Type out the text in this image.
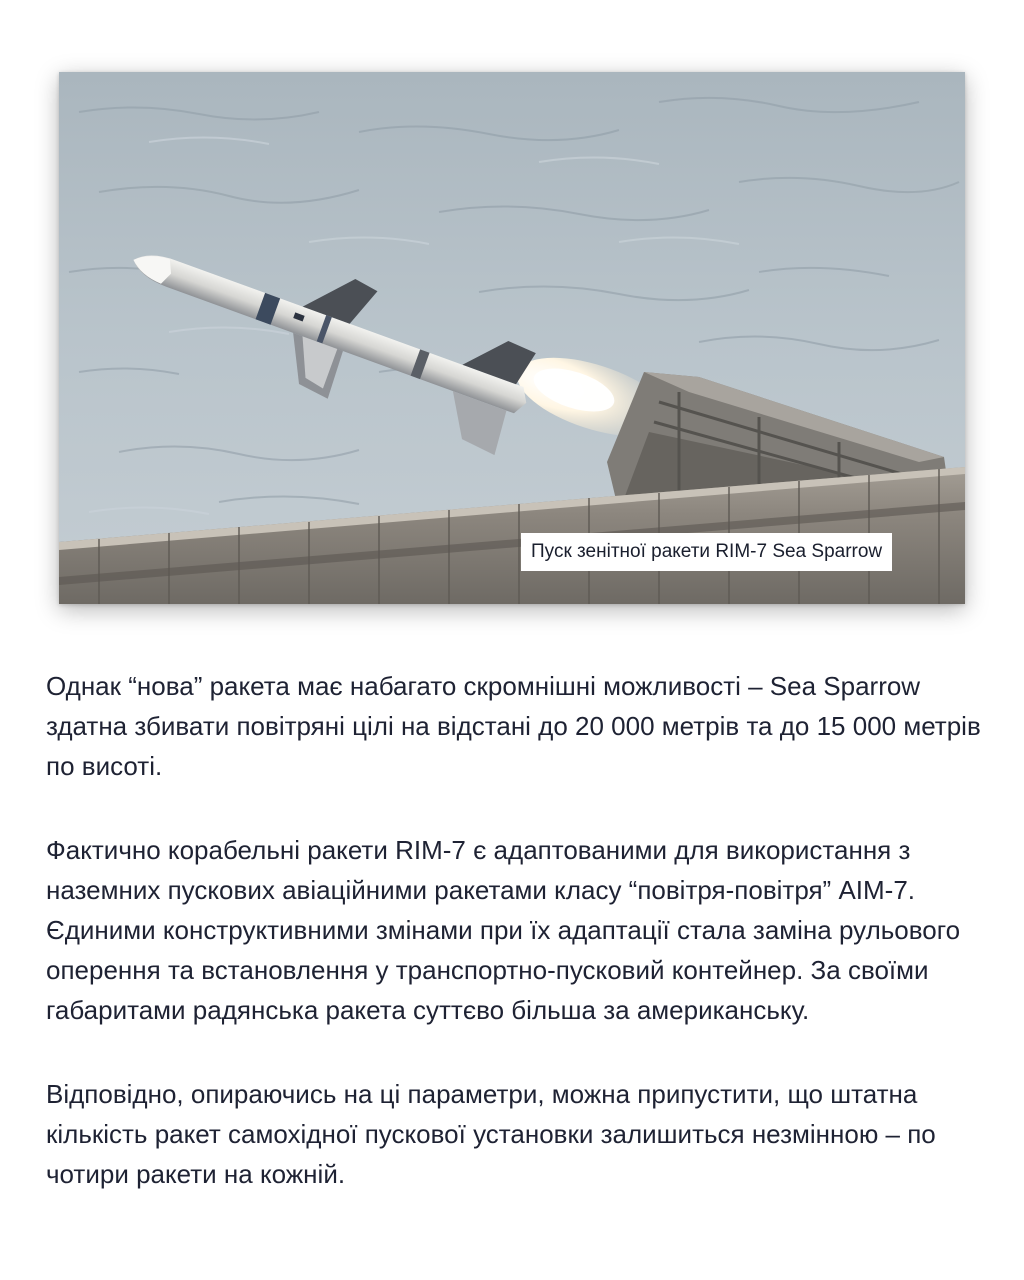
Пуск зенітної ракети RIM-7 Sea Sparrow

Однак “нова” ракета має набагато скромнішні можливості – Sea Sparrow здатна збивати повітряні цілі на відстані до 20 000 метрів та до 15 000 метрів по висоті.

Фактично корабельні ракети RIM-7 є адаптованими для використання з наземних пускових авіаційними ракетами класу “повітря-повітря” AIM-7. Єдиними конструктивними змінами при їх адаптації стала заміна рульового оперення та встановлення у транспортно-пусковий контейнер. За своїми габаритами радянська ракета суттєво більша за американську.

Відповідно, опираючись на ці параметри, можна припустити, що штатна кількість ракет самохідної пускової установки залишиться незмінною – по чотири ракети на кожній.
